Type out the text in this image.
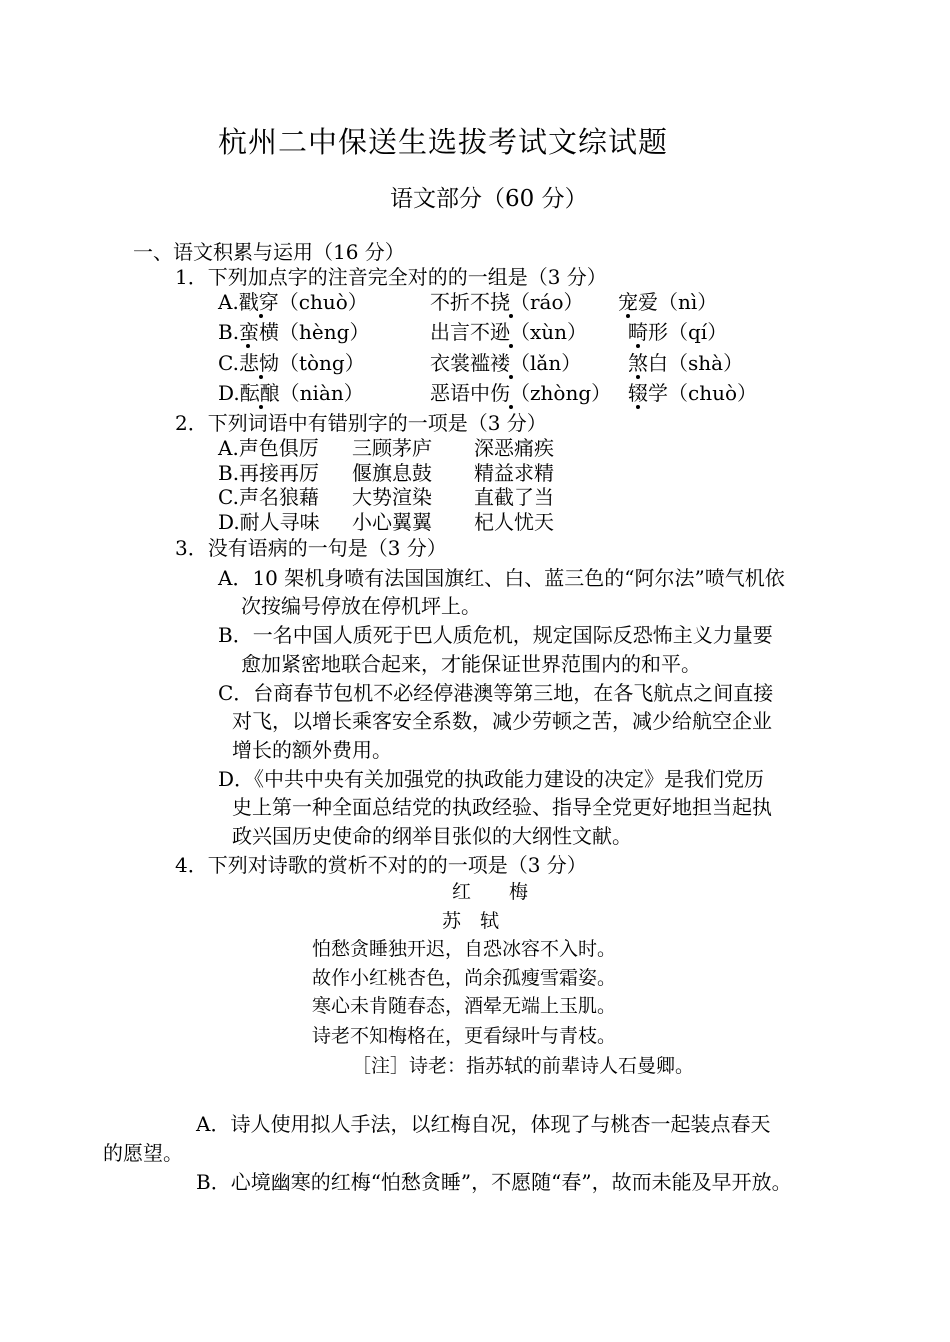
杭州二中保送生选拔考试文综试题
语文部分（60 分）
一、语文积累与运用（16 分）
1．下列加点字的注音完全对的的一组是（3 分）
A.戳穿（chuò）	不折不挠（ráo） 宠爱（nì）
B.蛮横（hèng）	出言不逊（xùn） 畸形（qí）
C.悲恸（tòng）	衣裳褴褛（lǎn） 煞白（shà）
D.酝酿（niàn）	恶语中伤（zhòng） 辍学（chuò）
2．下列词语中有错别字的一项是（3 分）
A.声色俱厉 三顾茅庐 深恶痛疾
B.再接再厉 偃旗息鼓 精益求精
C.声名狼藉 大势渲染 直截了当
D.耐人寻味 小心翼翼 杞人忧天
3．没有语病的一句是（3 分）
A．10 架机身喷有法国国旗红、白、蓝三色的“阿尔法”喷气机依
次按编号停放在停机坪上。
B．一名中国人质死于巴人质危机，规定国际反恐怖主义力量要
愈加紧密地联合起来，才能保证世界范围内的和平。
C．台商春节包机不必经停港澳等第三地，在各飞航点之间直接
对飞，以增长乘客安全系数，减少劳顿之苦，减少给航空企业
增长的额外费用。
D．《中共中央有关加强党的执政能力建设的决定》是我们党历
史上第一种全面总结党的执政经验、指导全党更好地担当起执
政兴国历史使命的纲举目张似的大纲性文献。
4．下列对诗歌的赏析不对的的一项是（3 分）
红　　梅
苏　轼
怕愁贪睡独开迟，自恐冰容不入时。
故作小红桃杏色，尚余孤瘦雪霜姿。
寒心未肯随春态，酒晕无端上玉肌。
诗老不知梅格在，更看绿叶与青枝。
［注］诗老：指苏轼的前辈诗人石曼卿。
A．诗人使用拟人手法，以红梅自况，体现了与桃杏一起装点春天
的愿望。
B．心境幽寒的红梅“怕愁贪睡”，不愿随“春”，故而未能及早开放。
